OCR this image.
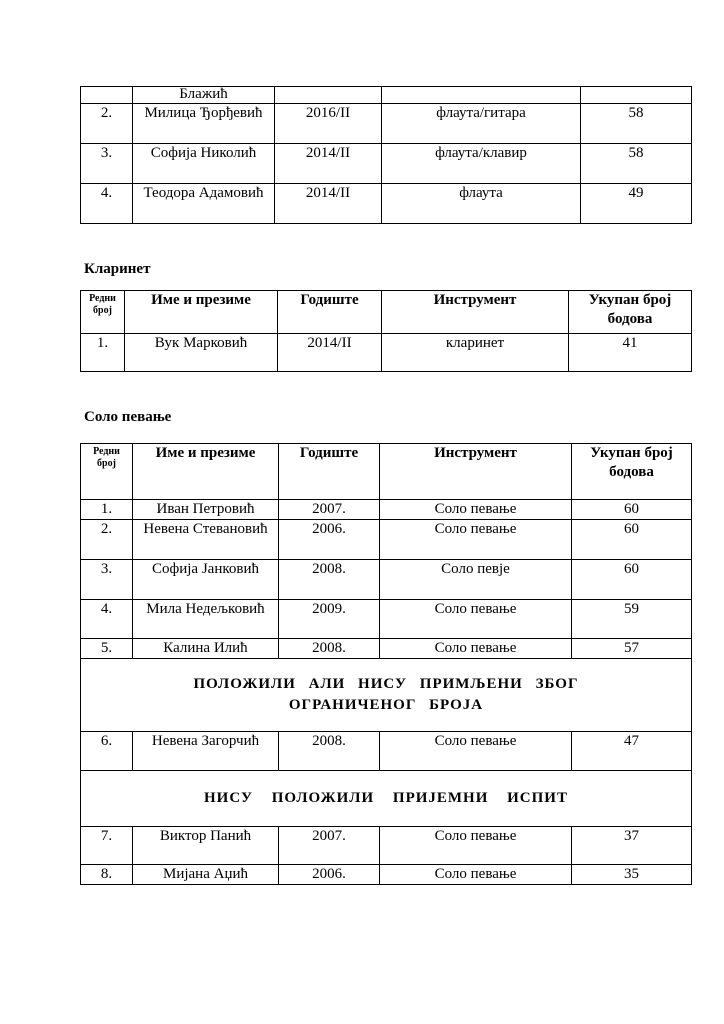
	Блажић			
2.	Милица Ђорђевић	2016/II	флаута/гитара	58
3.	Софија Николић	2014/II	флаута/клавир	58
4.	Теодора Адамовић	2014/II	флаута	49

Кларинет

Редни број	Име и презиме	Годиште	Инструмент	Укупан број бодова
1.	Вук Марковић	2014/II	кларинет	41

Соло певање

Редни број	Име и презиме	Годиште	Инструмент	Укупан број бодова
1.	Иван Петровић	2007.	Соло певање	60
2.	Невена Стевановић	2006.	Соло певање	60
3.	Софија Јанковић	2008.	Соло певје	60
4.	Мила Недељковић	2009.	Соло певање	59
5.	Калина Илић	2008.	Соло певање	57
ПОЛОЖИЛИ АЛИ НИСУ ПРИМЉЕНИ ЗБОГ ОГРАНИЧЕНОГ БРОЈА				
6.	Невена Загорчић	2008.	Соло певање	47
НИСУ ПОЛОЖИЛИ ПРИЈЕМНИ ИСПИТ				
7.	Виктор Панић	2007.	Соло певање	37
8.	Мијана Аџић	2006.	Соло певање	35
